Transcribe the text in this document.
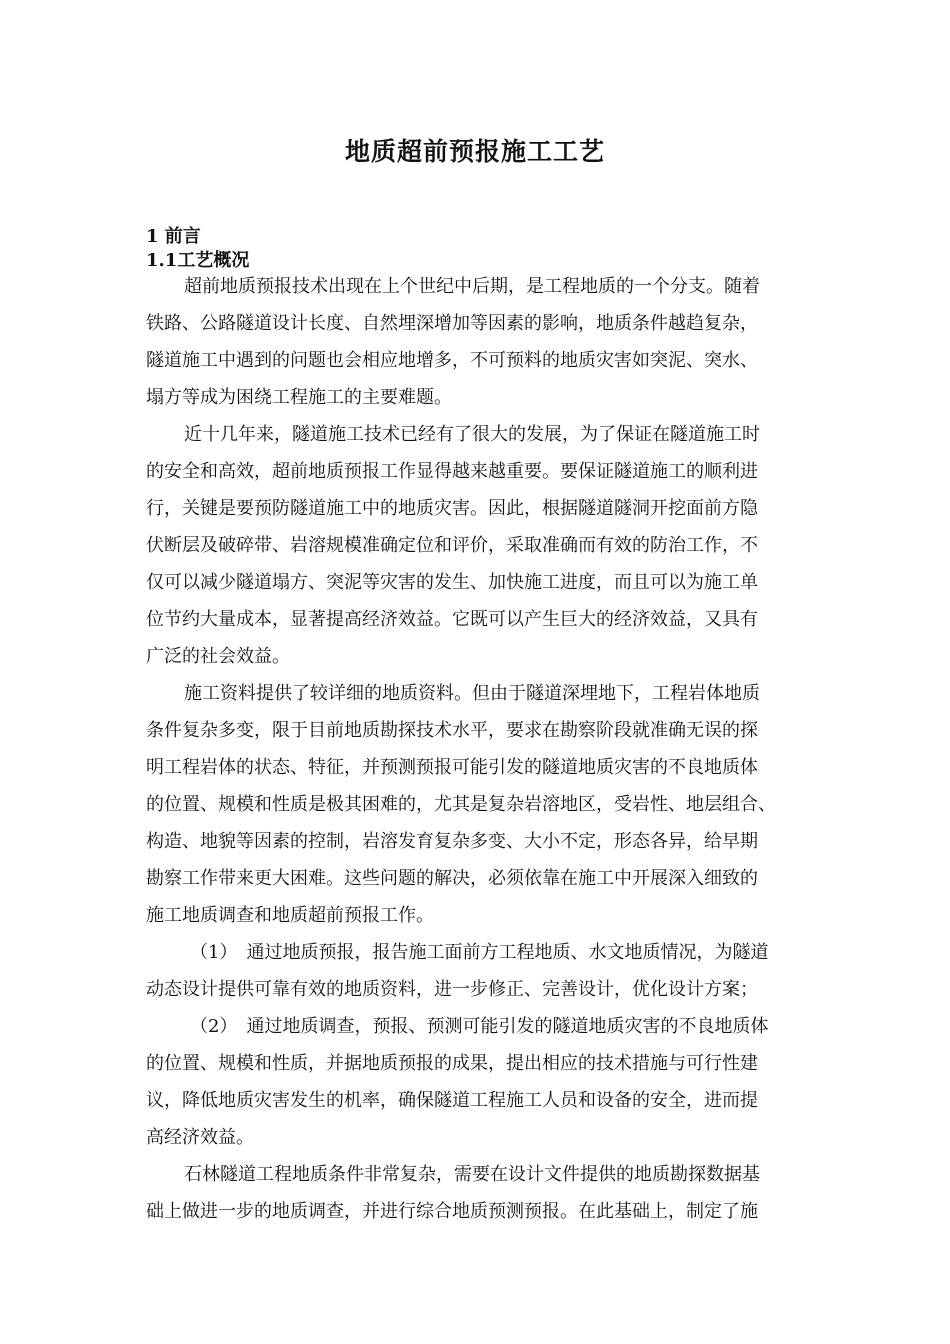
地质超前预报施工工艺
1 前言
1.1工艺概况

超前地质预报技术出现在上个世纪中后期，是工程地质的一个分支。随着

铁路、公路隧道设计长度、自然埋深增加等因素的影响，地质条件越趋复杂，

隧道施工中遇到的问题也会相应地增多，不可预料的地质灾害如突泥、突水、

塌方等成为困绕工程施工的主要难题。

近十几年来，隧道施工技术已经有了很大的发展，为了保证在隧道施工时

的安全和高效，超前地质预报工作显得越来越重要。要保证隧道施工的顺利进

行，关键是要预防隧道施工中的地质灾害。因此，根据隧道隧洞开挖面前方隐

伏断层及破碎带、岩溶规模准确定位和评价，采取准确而有效的防治工作，不

仅可以减少隧道塌方、突泥等灾害的发生、加快施工进度，而且可以为施工单

位节约大量成本，显著提高经济效益。它既可以产生巨大的经济效益，又具有

广泛的社会效益。

施工资料提供了较详细的地质资料。但由于隧道深埋地下，工程岩体地质

条件复杂多变，限于目前地质勘探技术水平，要求在勘察阶段就准确无误的探

明工程岩体的状态、特征，并预测预报可能引发的隧道地质灾害的不良地质体

的位置、规模和性质是极其困难的，尤其是复杂岩溶地区，受岩性、地层组合、

构造、地貌等因素的控制，岩溶发育复杂多变、大小不定，形态各异，给早期

勘察工作带来更大困难。这些问题的解决，必须依靠在施工中开展深入细致的

施工地质调查和地质超前预报工作。

（1）　通过地质预报，报告施工面前方工程地质、水文地质情况，为隧道

动态设计提供可靠有效的地质资料，进一步修正、完善设计，优化设计方案；

（2）　通过地质调查，预报、预测可能引发的隧道地质灾害的不良地质体

的位置、规模和性质，并据地质预报的成果，提出相应的技术措施与可行性建

议，降低地质灾害发生的机率，确保隧道工程施工人员和设备的安全，进而提

高经济效益。

石林隧道工程地质条件非常复杂，需要在设计文件提供的地质勘探数据基

础上做进一步的地质调查，并进行综合地质预测预报。在此基础上，制定了施
